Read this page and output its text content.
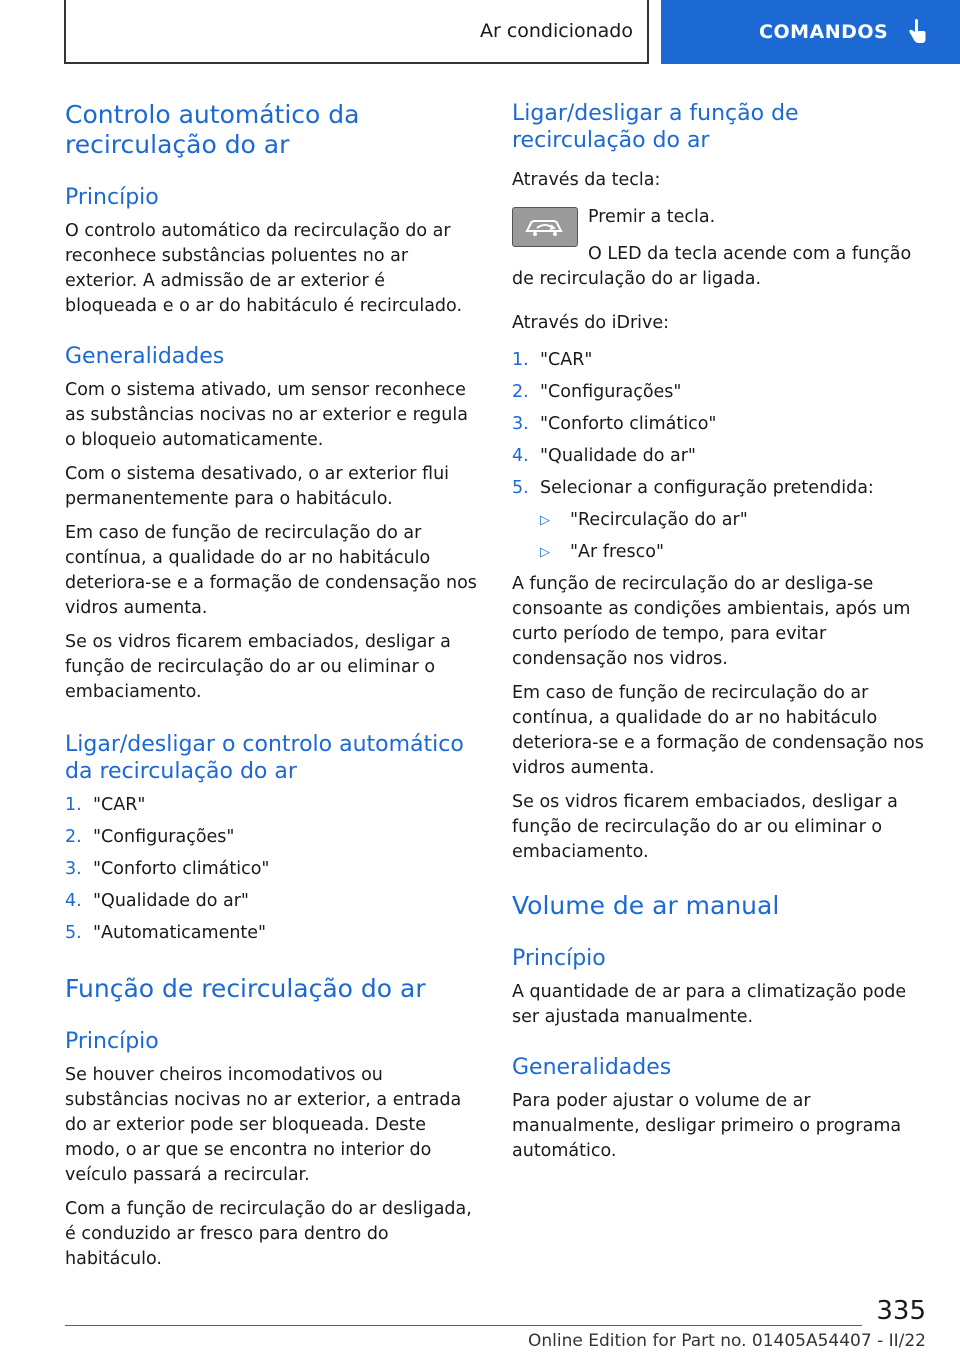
Ar condicionado	COMANDOS
Controlo automático da recirculação do ar
Princípio

O controlo automático da recirculação do ar reconhece substâncias poluentes no ar exterior. A admissão de ar exterior é bloqueada e o ar do habitáculo é recirculado.

Generalidades

Com o sistema ativado, um sensor reconhece as substâncias nocivas no ar exterior e regula o bloqueio automaticamente.

Com o sistema desativado, o ar exterior flui permanentemente para o habitáculo.

Em caso de função de recirculação do ar contínua, a qualidade do ar no habitáculo deteriora-se e a formação de condensação nos vidros aumenta.

Se os vidros ficarem embaciados, desligar a função de recirculação do ar ou eliminar o embaciamento.

Ligar/desligar o controlo automático da recirculação do ar
1. "CAR"
2. "Configurações"
3. "Conforto climático"
4. "Qualidade do ar"
5. "Automaticamente"
Função de recirculação do ar
Princípio

Se houver cheiros incomodativos ou substâncias nocivas no ar exterior, a entrada do ar exterior pode ser bloqueada. Deste modo, o ar que se encontra no interior do veículo passará a recircular.

Com a função de recirculação do ar desligada, é conduzido ar fresco para dentro do habitáculo.

Ligar/desligar a função de recirculação do ar

Através da tecla:

Premir a tecla.

O LED da tecla acende com a função de recirculação do ar ligada.

Através do iDrive:

1. "CAR"
2. "Configurações"
3. "Conforto climático"
4. "Qualidade do ar"
5. Selecionar a configuração pretendida:
▷	"Recirculação do ar"
▷	"Ar fresco"

A função de recirculação do ar desliga-se consoante as condições ambientais, após um curto período de tempo, para evitar condensação nos vidros.

Em caso de função de recirculação do ar contínua, a qualidade do ar no habitáculo deteriora-se e a formação de condensação nos vidros aumenta.

Se os vidros ficarem embaciados, desligar a função de recirculação do ar ou eliminar o embaciamento.

Volume de ar manual
Princípio

A quantidade de ar para a climatização pode ser ajustada manualmente.

Generalidades

Para poder ajustar o volume de ar manualmente, desligar primeiro o programa automático.

335
Online Edition for Part no. 01405A54407 - II/22
